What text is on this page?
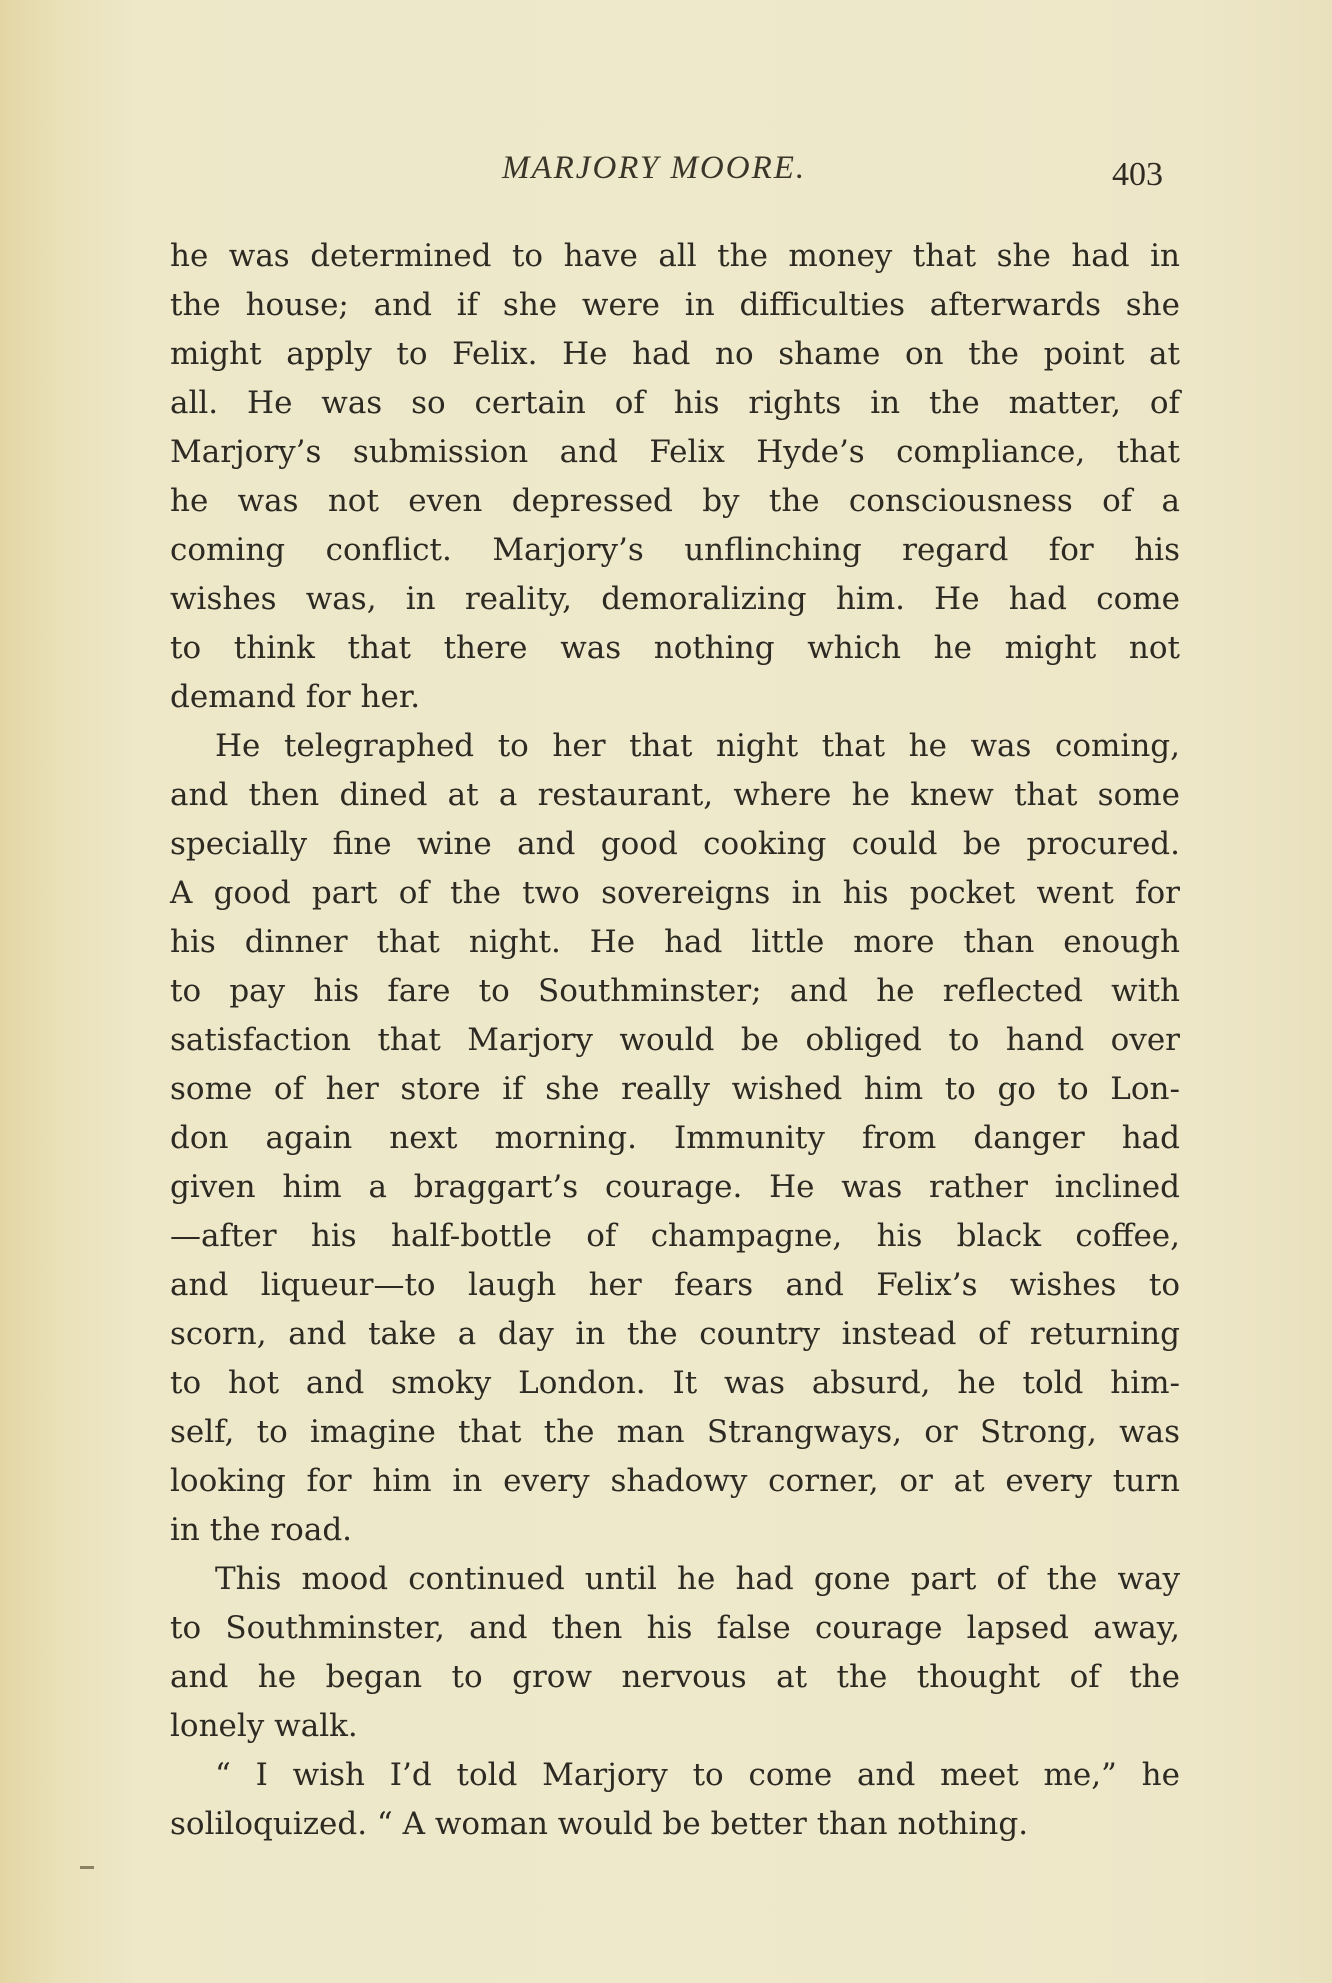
MARJORY MOORE.	403
he was determined to have all the money that she had in
the house; and if she were in difficulties afterwards she
might apply to Felix. He had no shame on the point at
all. He was so certain of his rights in the matter, of
Marjory’s submission and Felix Hyde’s compliance, that
he was not even depressed by the consciousness of a
coming conflict. Marjory’s unflinching regard for his
wishes was, in reality, demoralizing him. He had come
to think that there was nothing which he might not
demand for her.
He telegraphed to her that night that he was coming,
and then dined at a restaurant, where he knew that some
specially fine wine and good cooking could be procured.
A good part of the two sovereigns in his pocket went for
his dinner that night. He had little more than enough
to pay his fare to Southminster; and he reflected with
satisfaction that Marjory would be obliged to hand over
some of her store if she really wished him to go to Lon-
don again next morning. Immunity from danger had
given him a braggart’s courage. He was rather inclined
—after his half-bottle of champagne, his black coffee,
and liqueur—to laugh her fears and Felix’s wishes to
scorn, and take a day in the country instead of returning
to hot and smoky London. It was absurd, he told him-
self, to imagine that the man Strangways, or Strong, was
looking for him in every shadowy corner, or at every turn
in the road.
This mood continued until he had gone part of the way
to Southminster, and then his false courage lapsed away,
and he began to grow nervous at the thought of the
lonely walk.
“ I wish I’d told Marjory to come and meet me,” he
soliloquized. “ A woman would be better than nothing.
